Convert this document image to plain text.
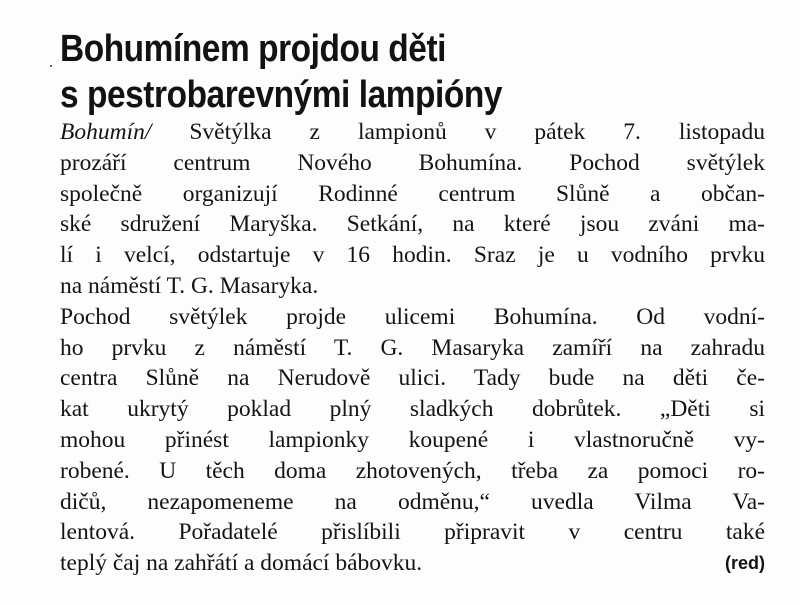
Bohumínem projdou děti
s pestrobarevnými lampióny
Bohumín/ Světýlka z lampionů v pátek 7. listopadu
prozáří centrum Nového Bohumína. Pochod světýlek
společně organizují Rodinné centrum Slůně a občan-
ské sdružení Maryška. Setkání, na které jsou zváni ma-
lí i velcí, odstartuje v 16 hodin. Sraz je u vodního prvku
na náměstí T. G. Masaryka.
Pochod světýlek projde ulicemi Bohumína. Od vodní-
ho prvku z náměstí T. G. Masaryka zamíří na zahradu
centra Slůně na Nerudově ulici. Tady bude na děti če-
kat ukrytý poklad plný sladkých dobrůtek. „Děti si
mohou přinést lampionky koupené i vlastnoručně vy-
robené. U těch doma zhotovených, třeba za pomoci ro-
dičů, nezapomeneme na odměnu,“ uvedla Vilma Va-
lentová. Pořadatelé přislíbili připravit v centru také
teplý čaj na zahřátí a domácí bábovku.	(red)
